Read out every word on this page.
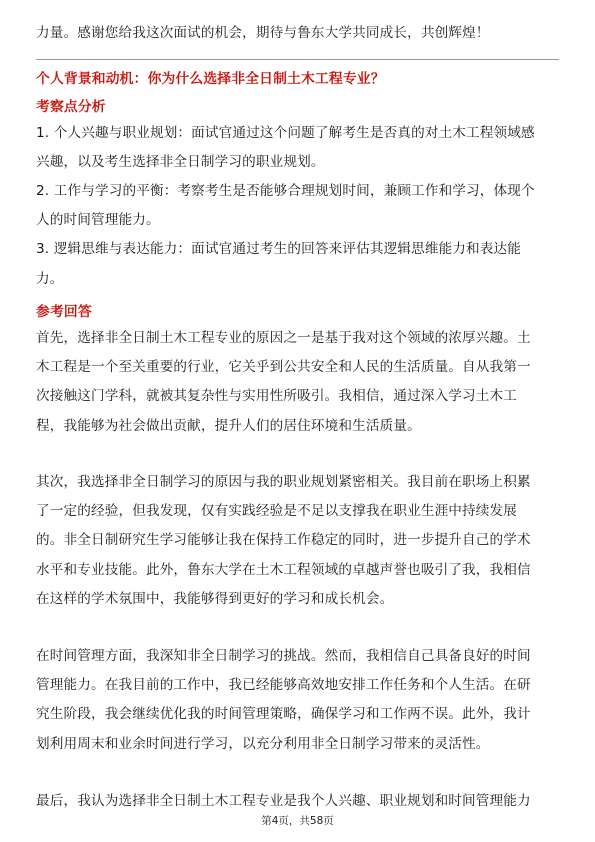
力量。感谢您给我这次面试的机会，期待与鲁东大学共同成长，共创辉煌！
个人背景和动机：你为什么选择非全日制土木工程专业？
考察点分析
1. 个人兴趣与职业规划：面试官通过这个问题了解考生是否真的对土木工程领域感
兴趣，以及考生选择非全日制学习的职业规划。
2. 工作与学习的平衡：考察考生是否能够合理规划时间，兼顾工作和学习，体现个
人的时间管理能力。
3. 逻辑思维与表达能力：面试官通过考生的回答来评估其逻辑思维能力和表达能
力。
参考回答
首先，选择非全日制土木工程专业的原因之一是基于我对这个领域的浓厚兴趣。土
木工程是一个至关重要的行业，它关乎到公共安全和人民的生活质量。自从我第一
次接触这门学科，就被其复杂性与实用性所吸引。我相信，通过深入学习土木工
程，我能够为社会做出贡献，提升人们的居住环境和生活质量。
其次，我选择非全日制学习的原因与我的职业规划紧密相关。我目前在职场上积累
了一定的经验，但我发现，仅有实践经验是不足以支撑我在职业生涯中持续发展
的。非全日制研究生学习能够让我在保持工作稳定的同时，进一步提升自己的学术
水平和专业技能。此外，鲁东大学在土木工程领域的卓越声誉也吸引了我，我相信
在这样的学术氛围中，我能够得到更好的学习和成长机会。
在时间管理方面，我深知非全日制学习的挑战。然而，我相信自己具备良好的时间
管理能力。在我目前的工作中，我已经能够高效地安排工作任务和个人生活。在研
究生阶段，我会继续优化我的时间管理策略，确保学习和工作两不误。此外，我计
划利用周末和业余时间进行学习，以充分利用非全日制学习带来的灵活性。
最后，我认为选择非全日制土木工程专业是我个人兴趣、职业规划和时间管理能力
第4页，共58页
